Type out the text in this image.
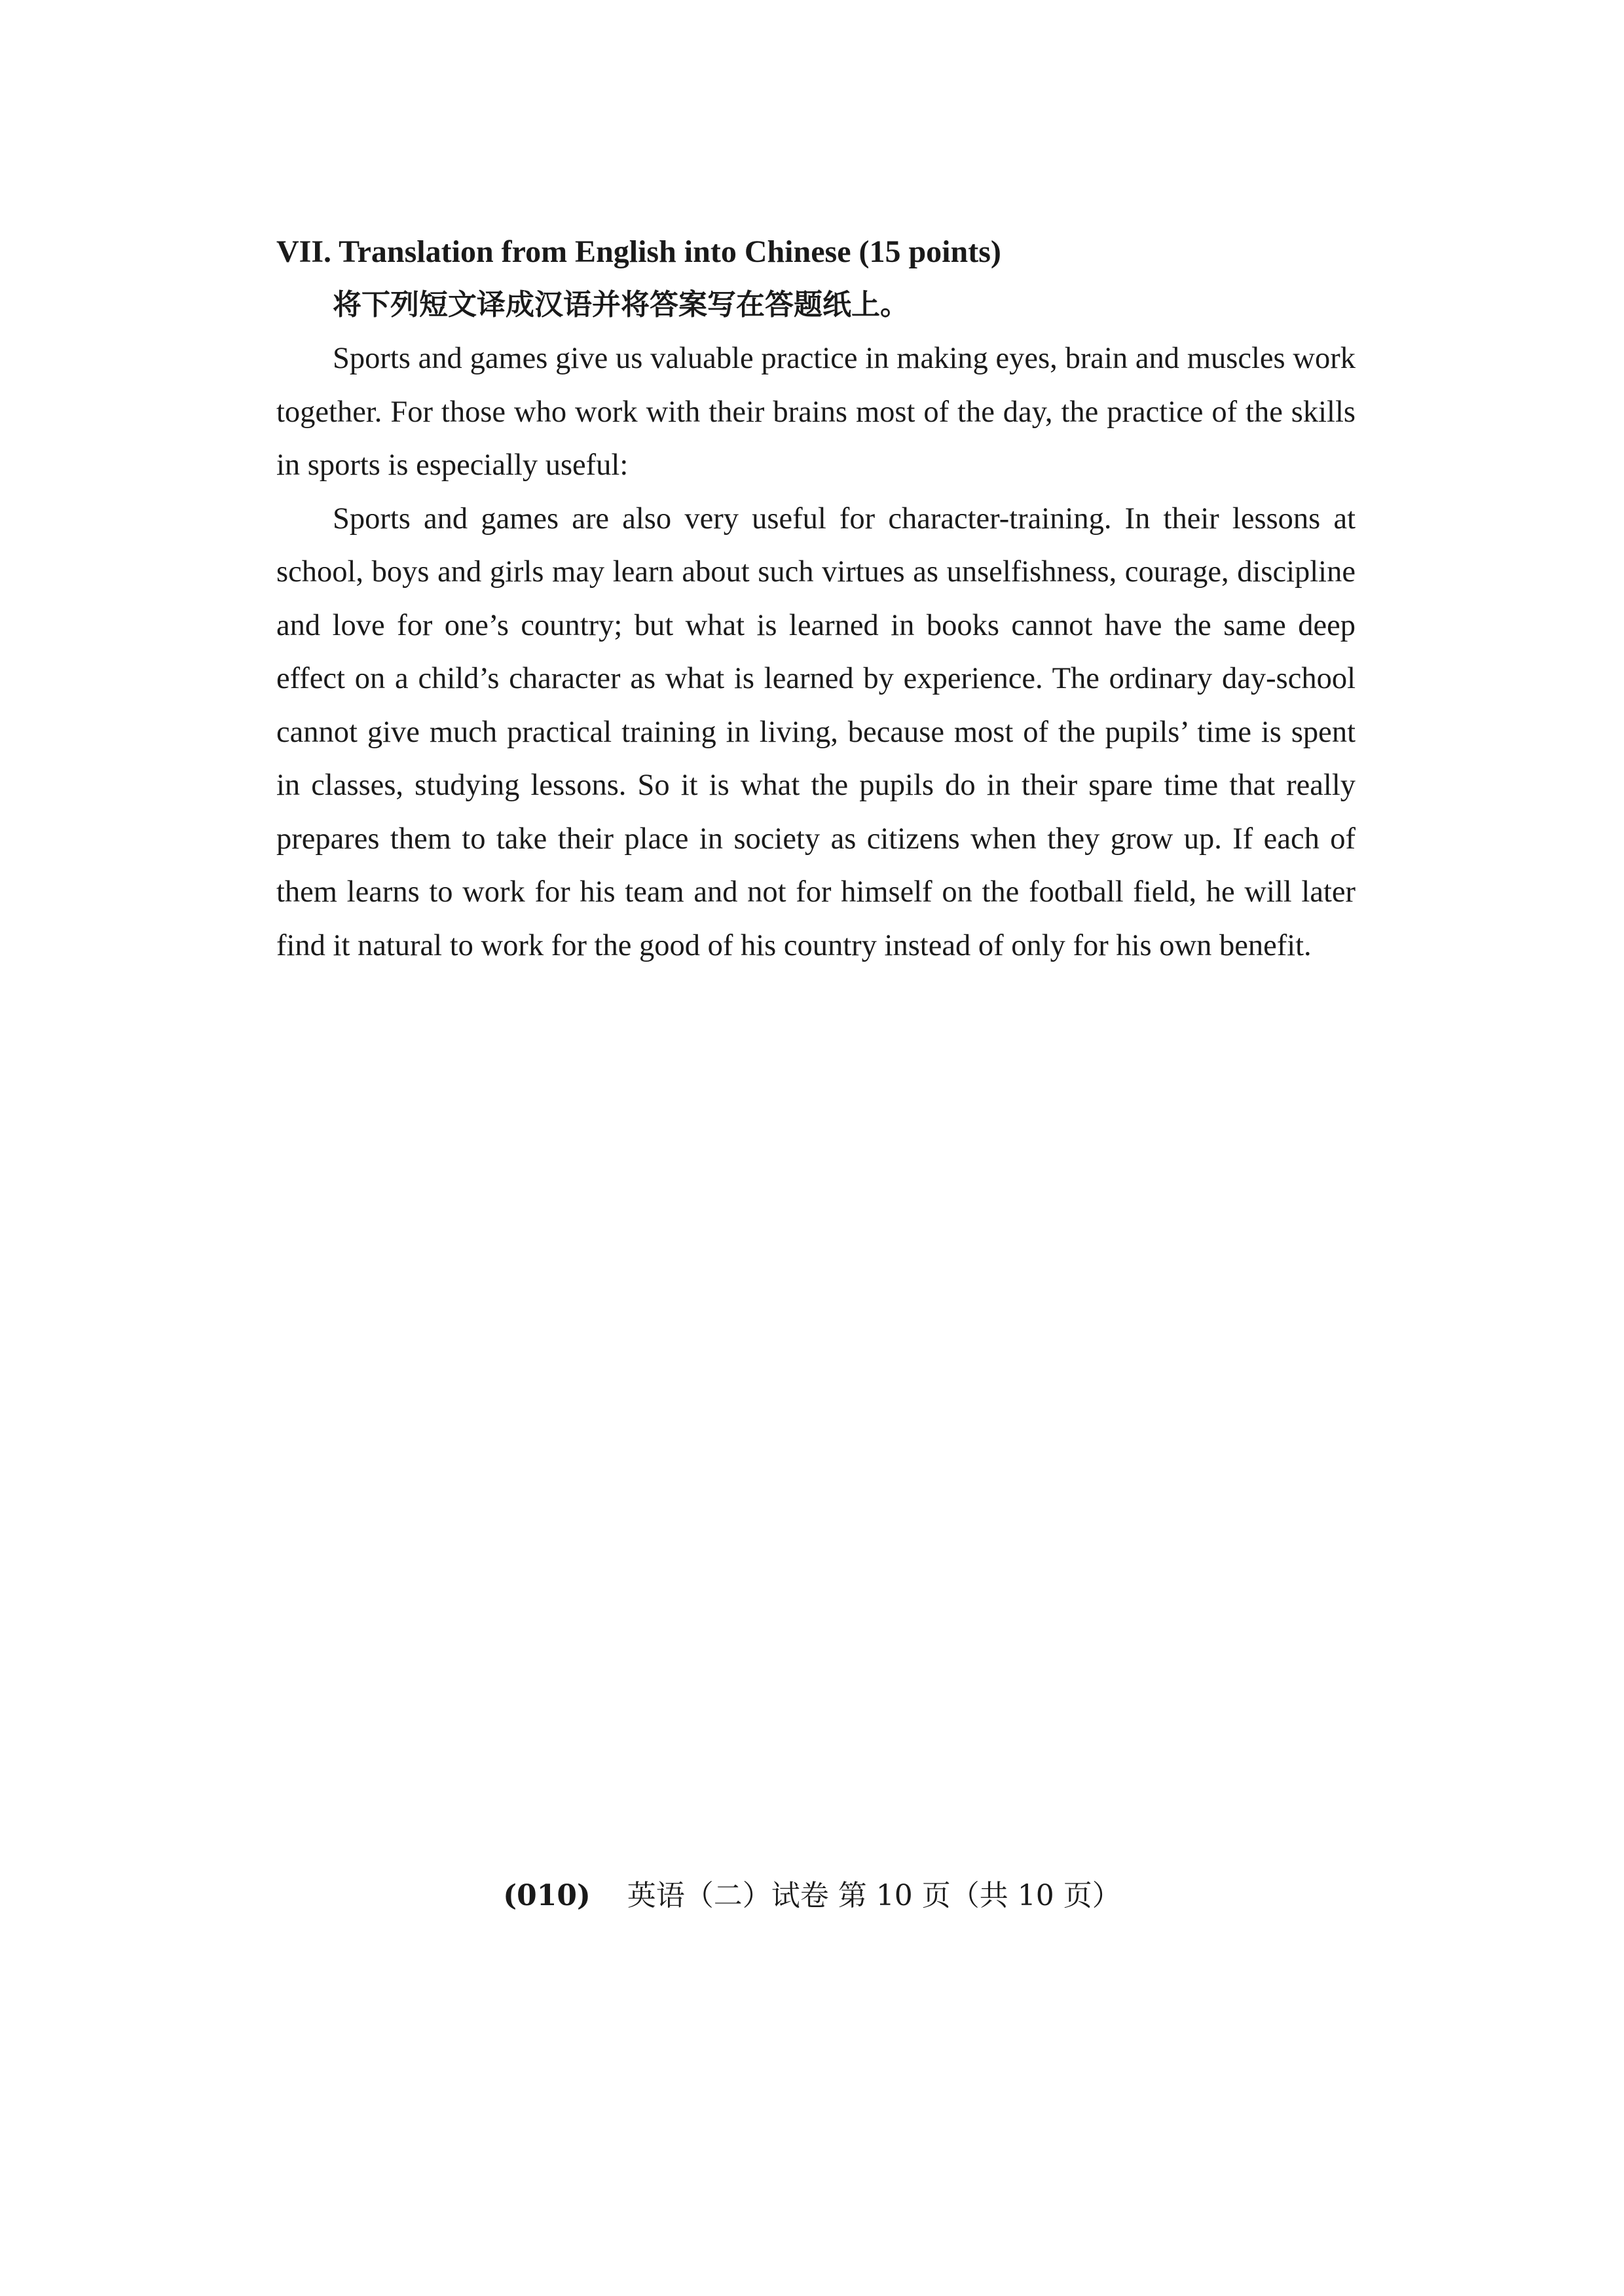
VII. Translation from English into Chinese (15 points)

将下列短文译成汉语并将答案写在答题纸上。

Sports and games give us valuable practice in making eyes, brain and muscles work together. For those who work with their brains most of the day, the practice of the skills in sports is especially useful:

Sports and games are also very useful for character-training. In their lessons at school, boys and girls may learn about such virtues as unselfishness, courage, discipline and love for one’s country; but what is learned in books cannot have the same deep effect on a child’s character as what is learned by experience. The ordinary day-school cannot give much practical training in living, because most of the pupils’ time is spent in classes, studying lessons. So it is what the pupils do in their spare time that really prepares them to take their place in society as citizens when they grow up. If each of them learns to work for his team and not for himself on the football field, he will later find it natural to work for the good of his country instead of only for his own benefit.

(010) 英语（二）试卷 第 10 页（共 10 页）
